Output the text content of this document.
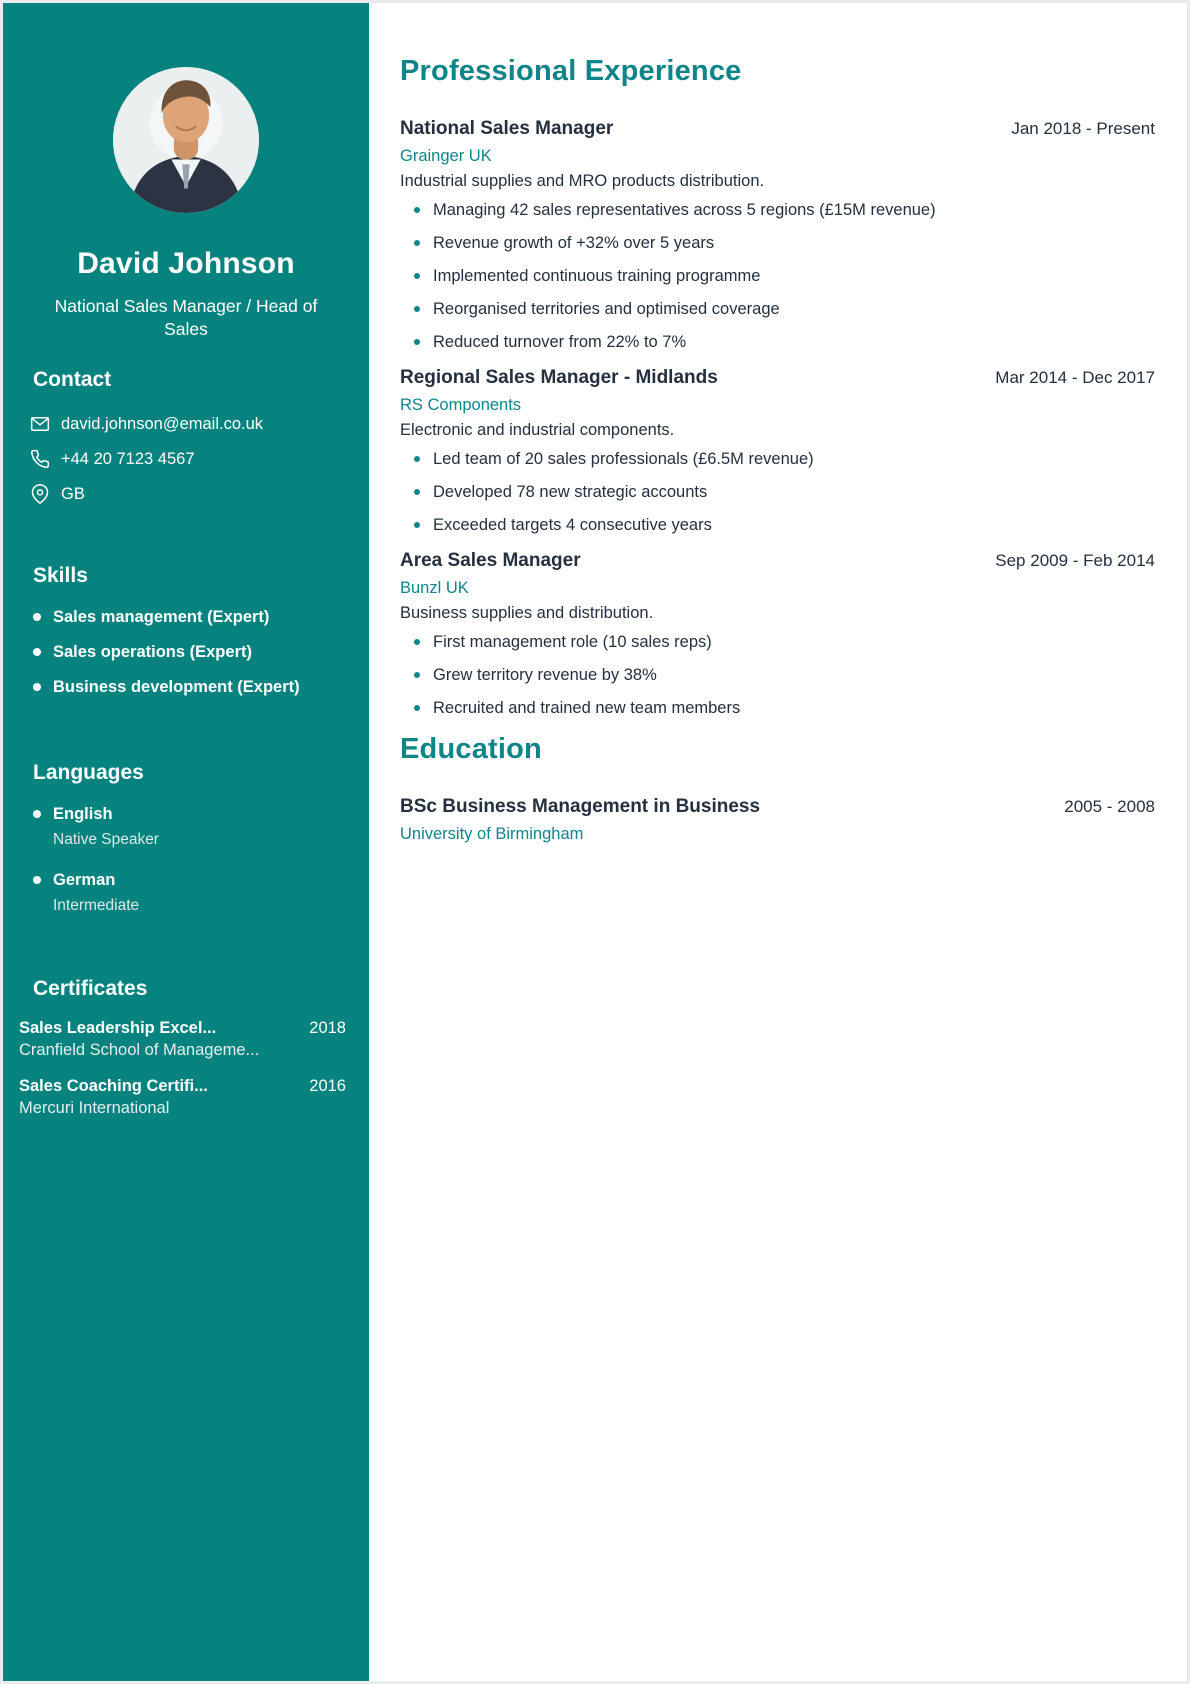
David Johnson
National Sales Manager / Head of Sales
Contact
david.johnson@email.co.uk
+44 20 7123 4567
GB
Skills
Sales management (Expert)
Sales operations (Expert)
Business development (Expert)
Languages
English
Native Speaker
German
Intermediate
Certificates
Sales Leadership Excel...	2018
Cranfield School of Manageme...
Sales Coaching Certifi...	2016
Mercuri International
Professional Experience
National Sales Manager	Jan 2018 - Present
Grainger UK
Industrial supplies and MRO products distribution.
Managing 42 sales representatives across 5 regions (£15M revenue)
Revenue growth of +32% over 5 years
Implemented continuous training programme
Reorganised territories and optimised coverage
Reduced turnover from 22% to 7%
Regional Sales Manager - Midlands	Mar 2014 - Dec 2017
RS Components
Electronic and industrial components.
Led team of 20 sales professionals (£6.5M revenue)
Developed 78 new strategic accounts
Exceeded targets 4 consecutive years
Area Sales Manager	Sep 2009 - Feb 2014
Bunzl UK
Business supplies and distribution.
First management role (10 sales reps)
Grew territory revenue by 38%
Recruited and trained new team members
Education
BSc Business Management in Business	2005 - 2008
University of Birmingham
